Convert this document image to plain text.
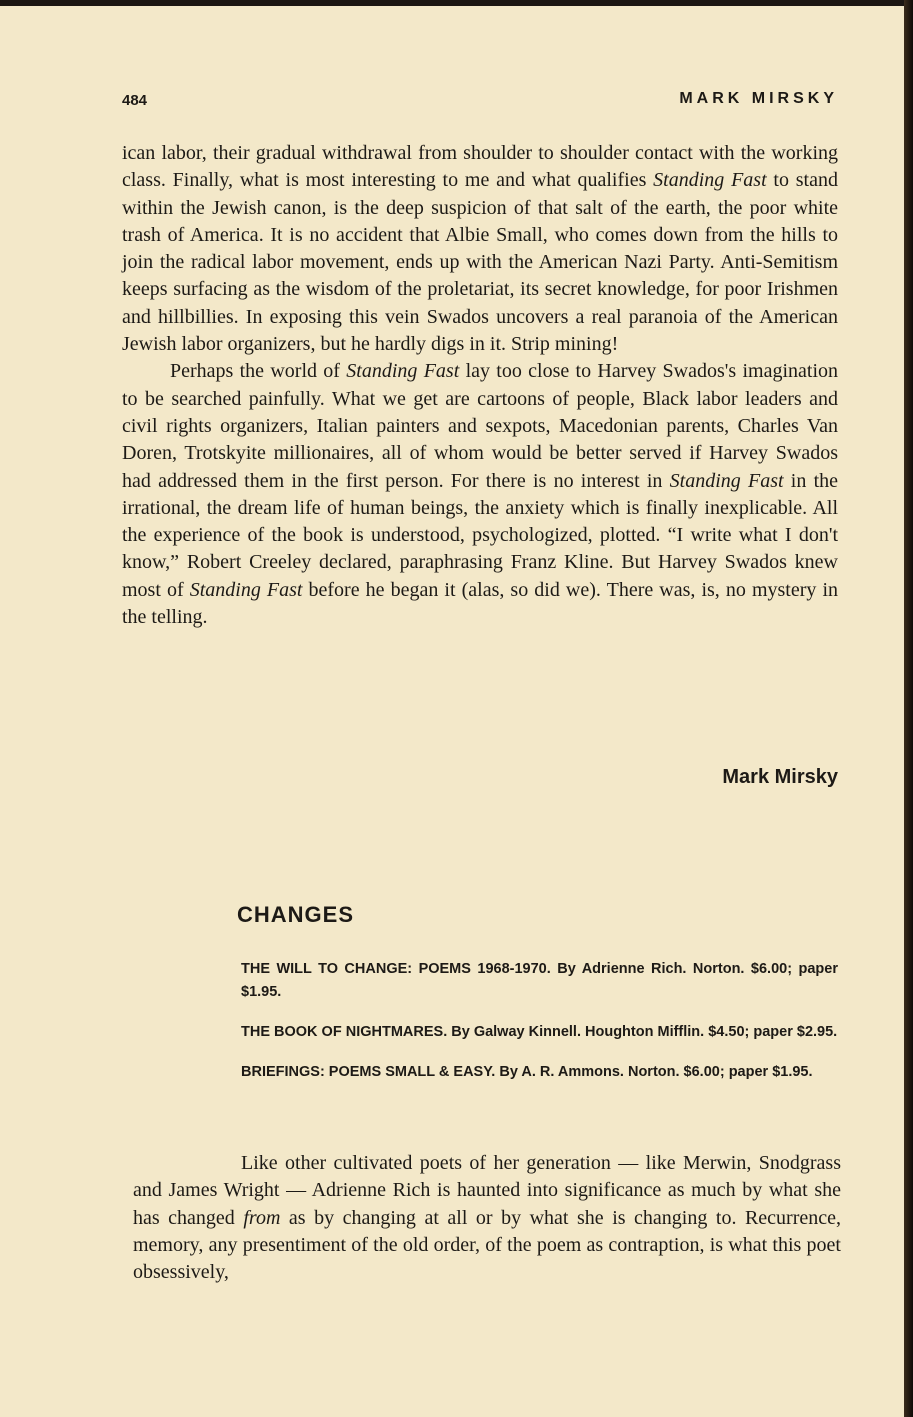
484	MARK MIRSKY

ican labor, their gradual withdrawal from shoulder to shoulder contact with the working class. Finally, what is most interesting to me and what qualifies Standing Fast to stand within the Jewish canon, is the deep suspicion of that salt of the earth, the poor white trash of America. It is no accident that Albie Small, who comes down from the hills to join the radical labor movement, ends up with the American Nazi Party. Anti-Semitism keeps surfacing as the wisdom of the proletariat, its secret knowledge, for poor Irishmen and hillbillies. In exposing this vein Swados uncovers a real paranoia of the American Jewish labor organizers, but he hardly digs in it. Strip mining!

Perhaps the world of Standing Fast lay too close to Harvey Swados's imagination to be searched painfully. What we get are cartoons of people, Black labor leaders and civil rights organizers, Italian painters and sexpots, Macedonian parents, Charles Van Doren, Trotskyite millionaires, all of whom would be better served if Harvey Swados had addressed them in the first person. For there is no interest in Standing Fast in the irrational, the dream life of human beings, the anxiety which is finally inexplicable. All the experience of the book is understood, psychologized, plotted. “I write what I don't know,” Robert Creeley declared, paraphrasing Franz Kline. But Harvey Swados knew most of Standing Fast before he began it (alas, so did we). There was, is, no mystery in the telling.

Mark Mirsky

CHANGES

THE WILL TO CHANGE: POEMS 1968-1970. By Adrienne Rich. Norton. $6.00; paper $1.95.

THE BOOK OF NIGHTMARES. By Galway Kinnell. Houghton Mifflin. $4.50; paper $2.95.

BRIEFINGS: POEMS SMALL & EASY. By A. R. Ammons. Norton. $6.00; paper $1.95.

Like other cultivated poets of her generation — like Merwin, Snodgrass and James Wright — Adrienne Rich is haunted into significance as much by what she has changed from as by changing at all or by what she is changing to. Recurrence, memory, any presentiment of the old order, of the poem as contraption, is what this poet obsessively,
